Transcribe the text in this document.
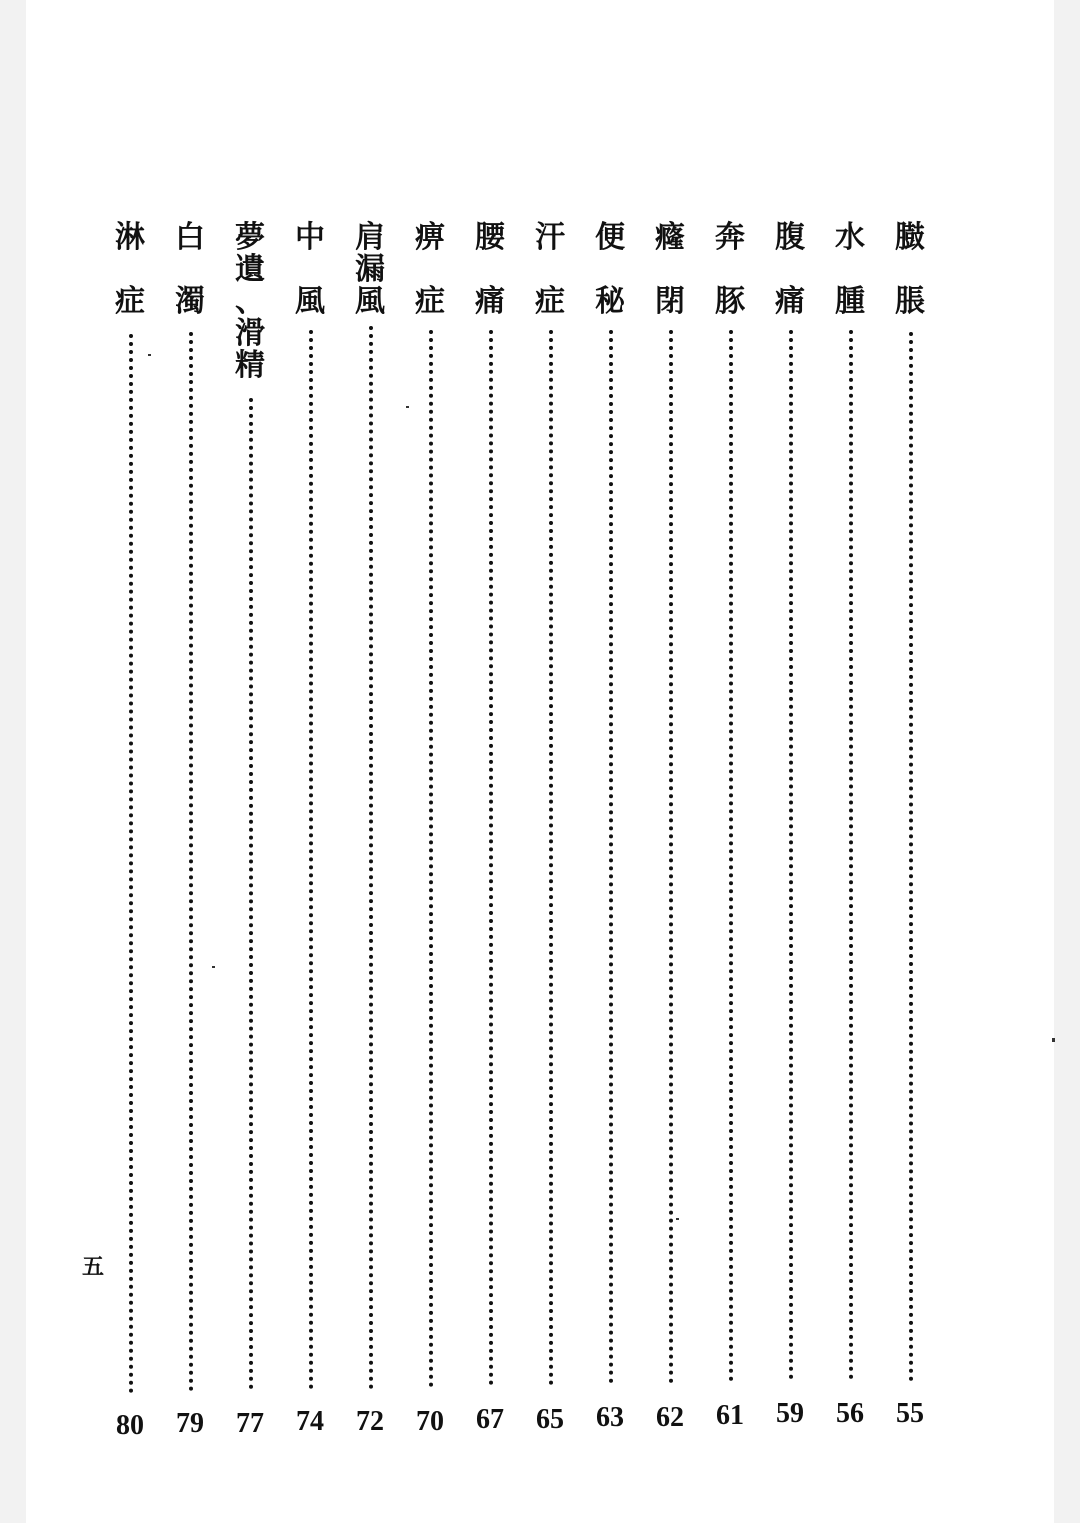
臌
脹
55
水
腫
56
腹
痛
59
奔
豚
61
癃
閉
62
便
秘
63
汗
症
65
腰
痛
67
痹
症
70
肩
漏
風
72
中
風
74
夢
遺
、
滑
精
77
白
濁
79
淋
症
80
五
